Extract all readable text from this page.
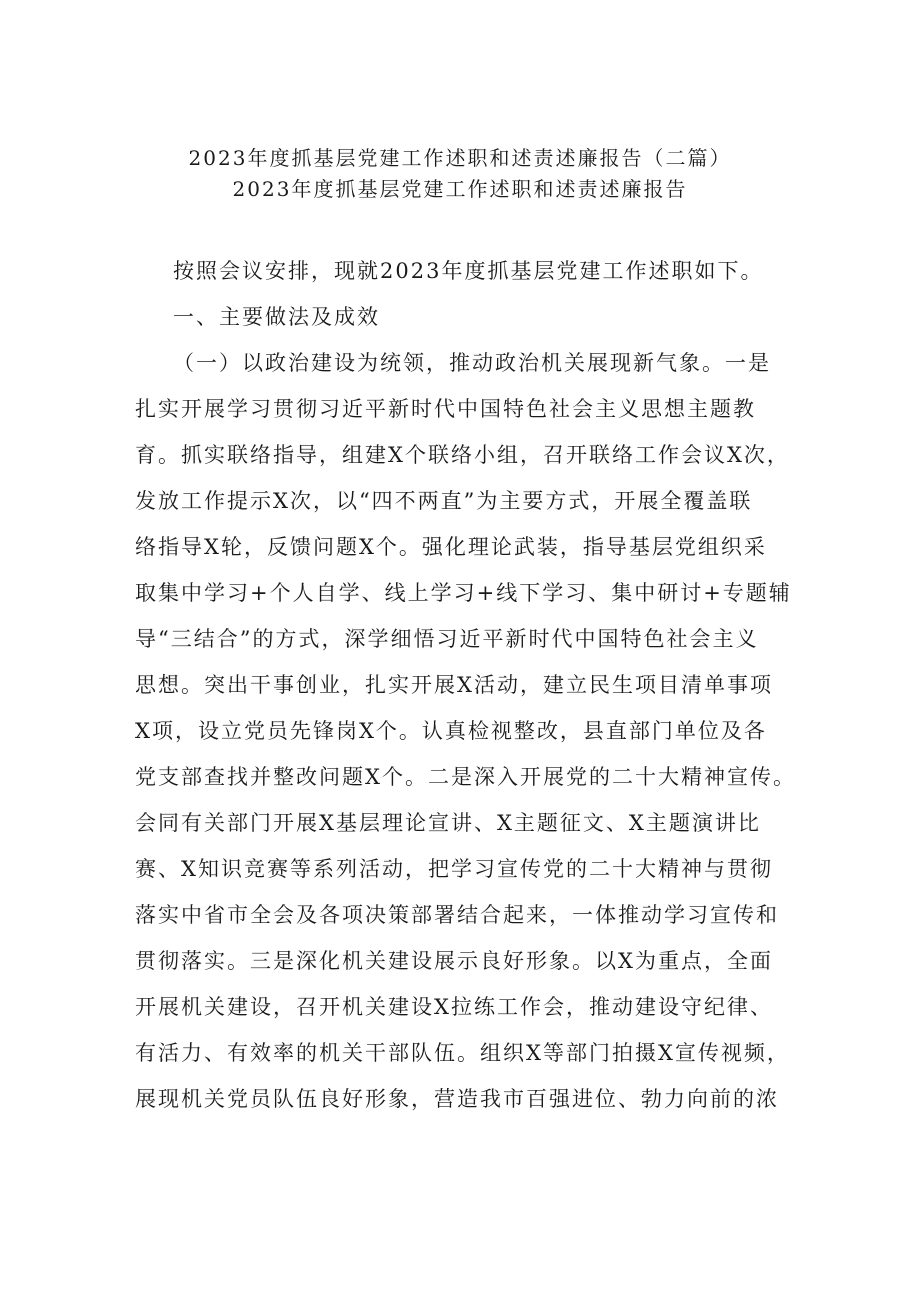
2023年度抓基层党建工作述职和述责述廉报告（二篇）
2023年度抓基层党建工作述职和述责述廉报告
按照会议安排，现就2023年度抓基层党建工作述职如下。
一、主要做法及成效
（一）以政治建设为统领，推动政治机关展现新气象。一是
扎实开展学习贯彻习近平新时代中国特色社会主义思想主题教
育。抓实联络指导，组建X个联络小组，召开联络工作会议X次，
发放工作提示X次，以“四不两直”为主要方式，开展全覆盖联
络指导X轮，反馈问题X个。强化理论武装，指导基层党组织采
取集中学习+个人自学、线上学习+线下学习、集中研讨+专题辅
导“三结合”的方式，深学细悟习近平新时代中国特色社会主义
思想。突出干事创业，扎实开展X活动，建立民生项目清单事项
X项，设立党员先锋岗X个。认真检视整改，县直部门单位及各
党支部查找并整改问题X个。二是深入开展党的二十大精神宣传。
会同有关部门开展X基层理论宣讲、X主题征文、X主题演讲比
赛、X知识竞赛等系列活动，把学习宣传党的二十大精神与贯彻
落实中省市全会及各项决策部署结合起来，一体推动学习宣传和
贯彻落实。三是深化机关建设展示良好形象。以X为重点，全面
开展机关建设，召开机关建设X拉练工作会，推动建设守纪律、
有活力、有效率的机关干部队伍。组织X等部门拍摄X宣传视频，
展现机关党员队伍良好形象，营造我市百强进位、勃力向前的浓
